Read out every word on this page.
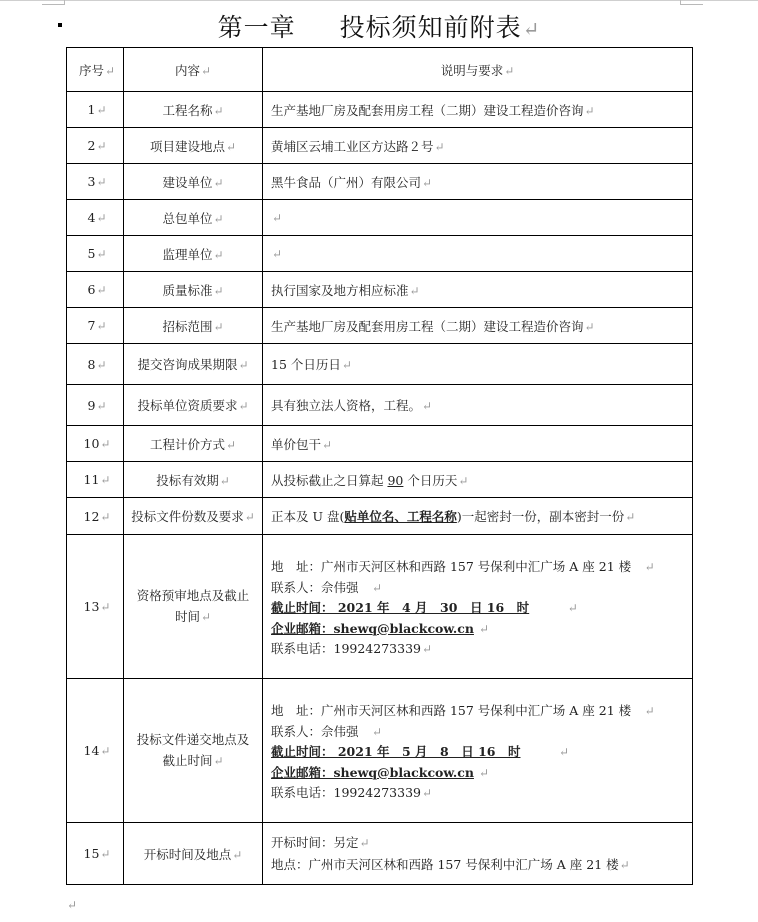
第一章 投标须知前附表↵
序号↵	内容↵	说明与要求↵
1↵	工程名称↵	生产基地厂房及配套用房工程（二期）建设工程造价咨询↵
2↵	项目建设地点↵	黄埔区云埔工业区方达路２号↵
3↵	建设单位↵	黑牛食品（广州）有限公司↵
4↵	总包单位↵	↵
5↵	监理单位↵	↵
6↵	质量标准↵	执行国家及地方相应标准↵
7↵	招标范围↵	生产基地厂房及配套用房工程（二期）建设工程造价咨询↵
8↵	提交咨询成果期限↵	15 个日历日↵
9↵	投标单位资质要求↵	具有独立法人资格，工程。↵
10↵	工程计价方式↵	单价包干↵
11↵	投标有效期↵	从投标截止之日算起 90 个日历天↵
12↵	投标文件份数及要求↵	正本及 U 盘(贴单位名、工程名称)一起密封一份，副本密封一份↵
13↵	资格预审地点及截止时间↵	地　址：广州市天河区林和西路 157 号保利中汇广场 A 座 21 楼　 ↵
联系人：佘伟强　 ↵
截止时间： 2021 年　4 月　30　日 16　时　　　 ↵
企业邮箱：shewq@blackcow.cn ↵
联系电话：19924273339↵

14↵	投标文件递交地点及截止时间↵	地　址：广州市天河区林和西路 157 号保利中汇广场 A 座 21 楼　 ↵
联系人：佘伟强　 ↵
截止时间： 2021 年　5 月　8　日 16　时　　　 ↵
企业邮箱：shewq@blackcow.cn ↵
联系电话：19924273339↵

15↵	开标时间及地点↵	开标时间：另定↵
地点：广州市天河区林和西路 157 号保利中汇广场 A 座 21 楼↵
↵
